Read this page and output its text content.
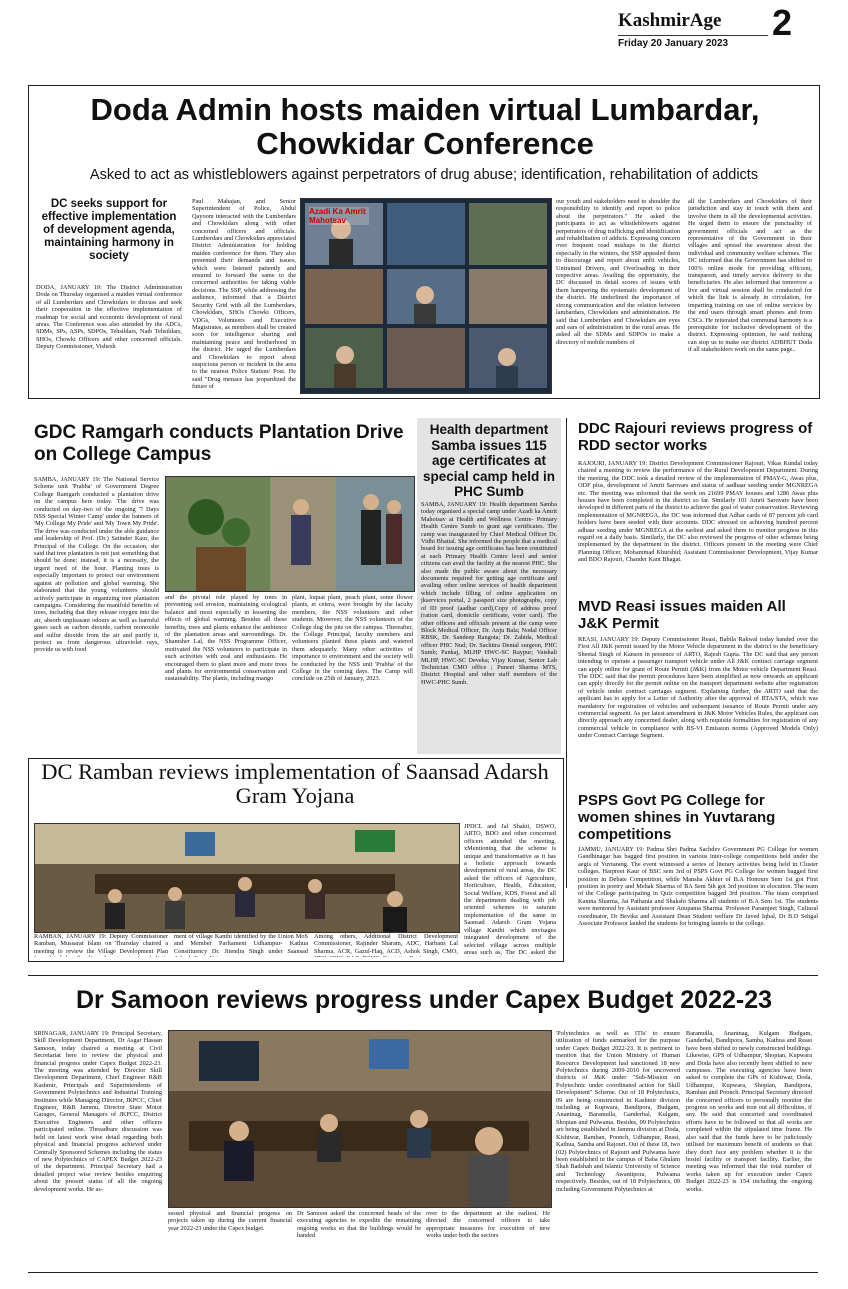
KashmirAge
Friday 20 January 2023
2
Doda Admin hosts maiden virtual Lumbardar, Chowkidar Conference
Asked to act as whistleblowers against perpetrators of drug abuse; identification, rehabilitation of addicts
DC seeks support for effective implementation of development agenda, maintaining harmony in society
DODA, JANUARY 19: The District Administration Doda on Thursday organised a maiden virtual conference of all Lumberdars and Chowkidars to discuss and seek their cooperation in the effective implementation of roadmap for social and economic development of rural areas. The Conference was also attended by the ADCs, SDMs, SPs, ASPs, SDPOs, Tehsildars, Naib Tehsildars, SHOs, Chowki Officers and other concerned officials. Deputy Commissioner, Vishesh
Paul Mahajan, and Senior Superintendent of Police, Abdul Qayoom interacted with the Lumberdars and Chowkidars along with other concerned officers and officials. Lumberdars and Chowkidars appreciated District Administration for holding maiden conference for them. They also presented their demands and issues, which were listened patiently and ensured to forward the same to the concerned authorities for taking viable decisions. The SSP, while addressing the audience, informed that a District Security Grid with all the Lumberdars, Chowkidars, SHOs Chowki Officers, VDGs, Volunteers and Executive Magistrates, as members shall be created soon for intelligence sharing and maintaining peace and brotherhood in the district. He urged the Lumberdars and Chowkidars to report about suspicious person or incident in the area to the nearest Police Station/ Post. He said "Drug menace has jeopardized the future of
Azadi Ka Amrit Mahotsav
our youth and stakeholders need to shoulder the responsibility to identify and report to police about the perpetrators." He asked the participants to act as whistleblowers against perpetrators of drug trafficking and identification and rehabilitation of addicts. Expressing concern over frequent road mishaps in the district especially in the winters, the SSP appealed them to discourage and report about unfit vehicles, Untrained Drivers, and Overloading in their respective areas. Availing the opportunity, the DC discussed in detail scores of issues with them hampering the systematic development of the district. He underlined the importance of strong communication and the relation between lambardars, Chowkidars and administration. He said that Lumberdars and Chowkidars are eyes and ears of administration in the rural areas. He asked all the SDMs and SDPOs to make a directory of mobile numbers of
all the Lumberdars and Chowkidars of their jurisdiction and stay in touch with them and involve them in all the developmental activities. He urged them to ensure the punctuality of government officials and act as the representative of the Government in their villages and spread the awareness about the individual and community welfare schemes. The DC informed that the Government has shifted to 100% online mode for providing efficient, transparent, and timely service delivery to the beneficiaries. He also informed that tomorrow a live and virtual session shall be conducted for which the link is already in circulation, for imparting training on use of online services by the end users through smart phones and from CSCs. He reiterated that communal harmony is a prerequisite for inclusive development of the district. Expressing optimism, he said nothing can stop us to make our district ADBHUT Doda if all stakeholders work on the same page..
GDC Ramgarh conducts Plantation Drive on College Campus
SAMBA, JANUARY 19: The National Service Scheme unit 'Prabha' of Government Degree College Ramgarh conducted a plantation drive on the campus here today. The drive was conducted on day-two of the ongoing '7 Days NSS Special Winter Camp' under the banners of 'My College My Pride' and 'My Town My Pride'. The drive was conducted under the able guidance and leadership of Prof. (Dr.) Satinder Kaur, the Principal of the College. On the occasion, she said that tree plantation is not just something that should be done; instead, it is a necessity, the urgent need of the hour. Planting trees is especially important to protect our environment against air pollution and global warming. She elaborated that the young volunteers should actively participate in organizing tree plantation campaigns. Considering the manifold benefits of trees, including that they release oxygen into the air, absorb unpleasant odours as well as harmful gases such as carbon dioxide, carbon monoxide and sulfur dioxide from the air and purify it, protect us from dangerous ultraviolet rays, provide us with food
and the pivotal role played by trees in preventing soil erosion, maintaining ecological balance and most especially in lessening the effects of global warming. Besides all these benefits, trees and plants enhance the ambience of the plantation areas and surroundings. Dr. Shamsher Lal, the NSS Programme Officer, motivated the NSS volunteers to participate in such activities with zeal and enthusiasm. He encouraged them to plant more and more trees and plants for environmental conservation and sustainability. The plants, including mango
plant, loquat plant, peach plant, some flower plants, et cetera, were brought by the faculty members, the NSS volunteers and other students. Moreover, the NSS volunteers of the College dug the pits on the campus. Thereafter, the College Principal, faculty members and volunteers planted these plants and watered them adequately. Many other activities of importance to environment and the society will be conducted by the NSS unit 'Prabha' of the College in the coming days. The Camp will conclude on 25th of January, 2023.
Health department Samba issues 115 age certificates at special camp held in PHC Sumb
SAMBA, JANUARY 19: Health department Samba today organised a special camp under Azadi ka Amrit Mahotsav at Health and Wellness Centre- Primary Health Centre Sumb to grant age certificates. The camp was inaugurated by Chief Medical Officer Dr. Vidhi Bhatial. She informed the people that a medical board for issuing age certificates has been constituted at each Primary Health Centre level and senior citizens can avail the facility at the nearest PHC. She also made the public aware about the necessary documents required for getting age certificate and availing other online services of health department which include filling of online application on jkservices portal, 2 passport size photographs, copy of ID proof (aadhar card),Copy of address proof (ration card, domicile certificate, voter card). The other officers and officials present at the camp were Block Medical Officer, Dr. Anju Bala; Nodal Officer RBSK, Dr. Sandeep Rangota; Dr. Zahida, Medical officer PHC Nud; Dr. Sachitra Dental surgeon, PHC Sumb; Pankaj, MLHP HWC-SC Raypur; Vaishali MLHP, HWC-SC Deveka; Vijay Kumar, Senior Lab Technician CMO office ; Puneet Sharma MTS, District Hospital and other staff members of the HWC-PHC Sumb.
DDC Rajouri reviews progress of RDD sector works
RAJOURI, JANUARY 19: District Development Commissioner Rajouri, Vikas Kundal today chaired a meeting to review the performance of the Rural Development Department. During the meeting, the DDC took a detailed review of the implementation of PMAY-G, Awas plus, ODF plus, development of Amrit Sarovars and status of aadhaar seeding under MGNREGA etc. The meeting was informed that the work on 21699 PMAY houses and 1286 Awas plus houses have been completed in the district so far. Similarly 101 Amrit Sarovars have been developed in different parts of the district to achieve the goal of water conservation. Reviewing implementation of MGNREGA, the DC was informed that Adhar cards of 87 percent job card holders have been seeded with their accounts. DDC stressed on achieving hundred percent adhaar seeding under MGNREGA at the earliest and asked them to monitor progress in this regard on a daily basis. Similarly, the DC also reviewed the progress of other schemes being implemented by the department in the district. Officers present in the meeting were Chief Planning Officer, Mohammad Khurshid; Assistant Commissioner Development, Vijay Kumar and BDO Rajouri, Chander Kant Bhagat.
MVD Reasi issues maiden All J&K Permit
REASI, JANUARY 19: Deputy Commissioner Reasi, Babila Rakwal today handed over the First All J&K permit issued by the Motor Vehicle department in the district to the beneficiary Sheetal Singh of Kanson in presence of ARTO, Rajesh Gupta. The DC said that any person intending to operate a passenger transport vehicle under All J&K contract carriage segment can apply online for grant of Route Permit (J&K) from the Motor vehicle Department Reasi. The DDC said that the permit procedures have been simplified as now onwards an applicant can apply directly for the permit online on the transport department website after registration of vehicle under contract carriages segment. Explaining further, the ARTO said that the applicant has to apply for a Letter of Authority after the approval of RTA/STA, which was mandatory for registration of vehicles and subsequent issuance of Route Permit under any commercial segment. As per latest amendment in J&K Motor Vehicles Rules, the applicant can directly approach any concerned dealer, along with requisite formalities for registration of any commercial vehicle in compliance with BS-VI Emission norms (Approved Models Only) under Contract Carriage Segment.
PSPS Govt PG College for women shines in Yuvtarang competitions
JAMMU, JANUARY 19: Padma Shri Padma Sachdev Government PG College for women Gandhinagar has bagged first position in various inter-college competitions held under the aegis of Yuvtarang. The event witnessed a series of literary activities being held in Cluster colleges. Harpreet Kaur of BSC sem 3rd of PSPS Govt PG College for women bagged first position in Debate Competition, while Mansha Akhter of B.A Honours Sem 1st got First position in poetry and Mehak Sharma of BA Sem 5th got 3rd position in elocution. The team of the College participating in Quiz competition bagged 3rd position. The team comprised Kamna Sharma, Jai Pathania and Shakshi Sharma all students of B.A Sem 1st. The students were mentored by Assistant professor Anupama Sharma. Professor Paramjeet Singh, Cultural coordinator, Dr Bevika and Assistant Dean Student welfare Dr Javed Iqbal, Dr B.D Sehgal Associate Professor lauded the students for bringing laurels to the college.
DC Ramban reviews implementation of Saansad Adarsh Gram Yojana
RAMBAN, JANUARY 19: Deputy Commissioner Ramban, Mussarat Islam on Thursday chaired a meeting to review the Village Development Plan
ment of village Kanthi identified by the Union MoS and Member Parliament Udhampur- Kathua Constituency Dr. Jitendra Singh under Saansad
Among others, Additional District Development Commissioner, Rajinder Sharam, ADC, Harbans Lal Sharma, ACR, Gazul-Haq, ACD, Ashok Singh, CMO,
JPDCL and Jal Shakti, DSWO, ARTO, BDO and other concerned officers attended the meeting. xMentioning that the scheme is unique and transformative as it has a holistic approach towards development of rural areas, the DC asked the officers of Agriculture, Horticulture, Health, Education, Social Welfare, KDS, Forest and all the departments dealing with job oriented schemes to saturate implementation of the same in Saansad Adarsh Gram Yojana village Kanthi which envisages integrated development of the selected village across multiple areas such as, The DC asked the
Dr Samoon reviews progress under Capex Budget 2022-23
SRINAGAR, JANUARY 19: Principal Secretary, Skill Development Department, Dr Asgar Hassan Samoon, today chaired a meeting at Civil Secretariat here to review the physical and financial progress under Capex Budget 2022-23. The meeting was attended by Director Skill Development Department, Chief Engineer R&B Kashmir, Principals and Superintendents of Government Polytechnics and Industrial Training Institutes while Managing Director, JKPCC, Chief Engineer, R&B Jammu, Director State Motor Garages, General Managers of JKPCC, District Executive Engineers and other officers participated online. Threadbare discussion was held on latest work wise detail regarding both physical and financial progress achieved under Centrally Sponsored Schemes including the status of new Polytechnics of CAPEX Budget 2022-23 of the department. Principal Secretary had a detailed project wise review besides enquiring about the present status of all the ongoing development works. He as-
sessed physical and financial progress on projects taken up during the current financial year 2022-23 under the Capex budget.
Dr Samoon asked the concerned heads of the executing agencies to expedite the remaining ongoing works so that the buildings would be handed
over to the department at the earliest. He directed the concerned officers to take appropriate measures for execution of new works under both the sectors
'Polytechnics as well as ITIs' to ensure utilization of funds earmarked for the purpose under Capex Budget 2022-23. It is pertinent to mention that the Union Ministry of Human Resource Development had sanctioned 18 new Polytechnics during 2009-2010 for uncovered districts of J&K under "Sub-Mission on Polytechnic under coordinated action for Skill Development" Scheme. Out of 18 Polytechnics, 09 are being constructed in Kashmir division including at Kupwara, Bandipora, Budgam, Anantnag, Baramulla, Ganderbal, Kulgam, Shopian and Pulwama. Besides, 09 Polytechnics are being established in Jammu division at Doda, Kishtwar, Ramban, Poonch, Udhampur, Reasi, Kathua, Samba and Rajouri. Out of these 18, two (02) Polytechnics of Rajouri and Pulwama have been established in the campus of Baba Ghulam Shah Badshah and Islamic University of Science and Technology Awantipora, Pulwama respectively. Besides, out of 18 Polytechnics, 09 including Government Polytechnics at
Baramulla, Anantnag, Kulgam Budgam, Ganderbal, Bandipora, Samba, Kathua and Reasi have been shifted to newly constructed buildings. Likewise, GPS of Udhampur, Shopian, Kupwara and Doda have also recently been shifted to new campuses. The executing agencies have been asked to complete the GPs of Kishtwar, Doda, Udhampur, Kupwara, Shopian, Bandipora, Ramban and Poonch. Principal Secretary directed the concerned officers to personally monitor the progress on works and iron out all difficulties, if any. He said that concerted and coordinated efforts have to be followed so that all works are completed within the stipulated time frame. He also said that the funds have to be judiciously utilised for maximum benefit of students so that they don't face any problem whether it is the hostel facility or transport facility. Earlier, the meeting was informed that the total number of works taken up for execution under Capex Budget 2022-23 is 154 including the ongoing works.
